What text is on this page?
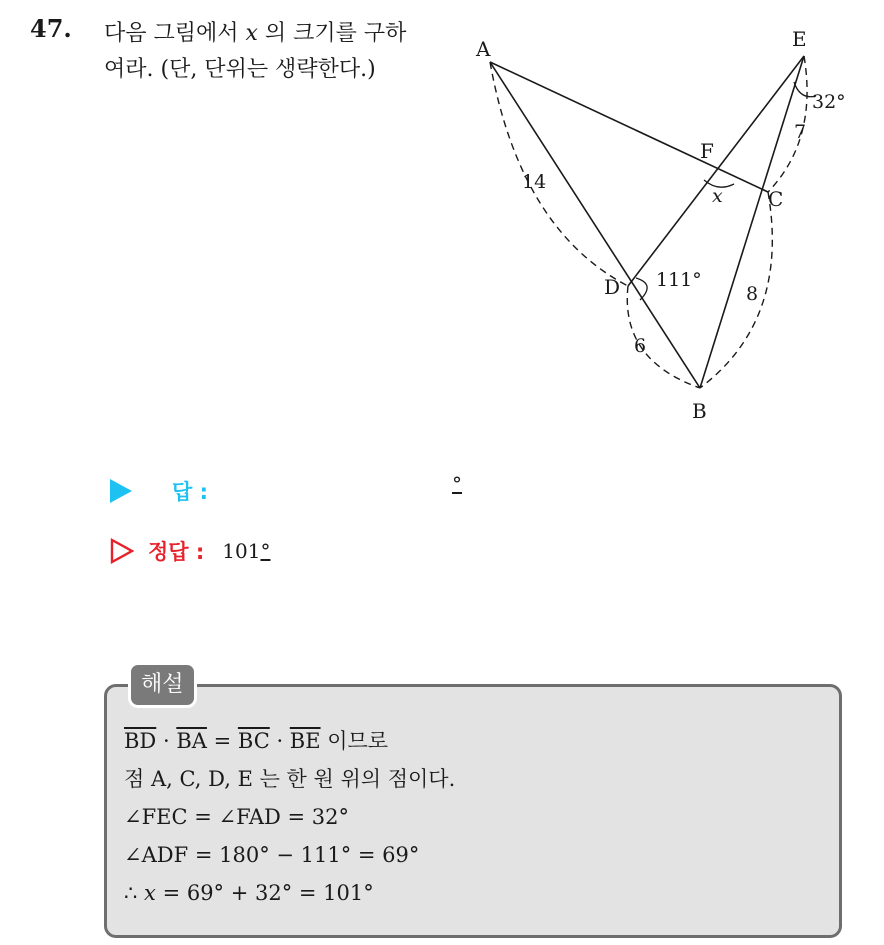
47. 다음 그림에서 x 의 크기를 구하
여라. (단, 단위는 생략한다.)
A	E
F
C
D
B
14
6
8
7
32°
111°
x
답 :	°
정답 : 101°
해설
$\overline{BD} \cdot \overline{BA} = \overline{BC} \cdot \overline{BE}$ 이므로
점 A, C, D, E 는 한 원 위의 점이다.
∠FEC = ∠FAD = 32°
∠ADF = 180° − 111° = 69°
∴ x = 69° + 32° = 101°
